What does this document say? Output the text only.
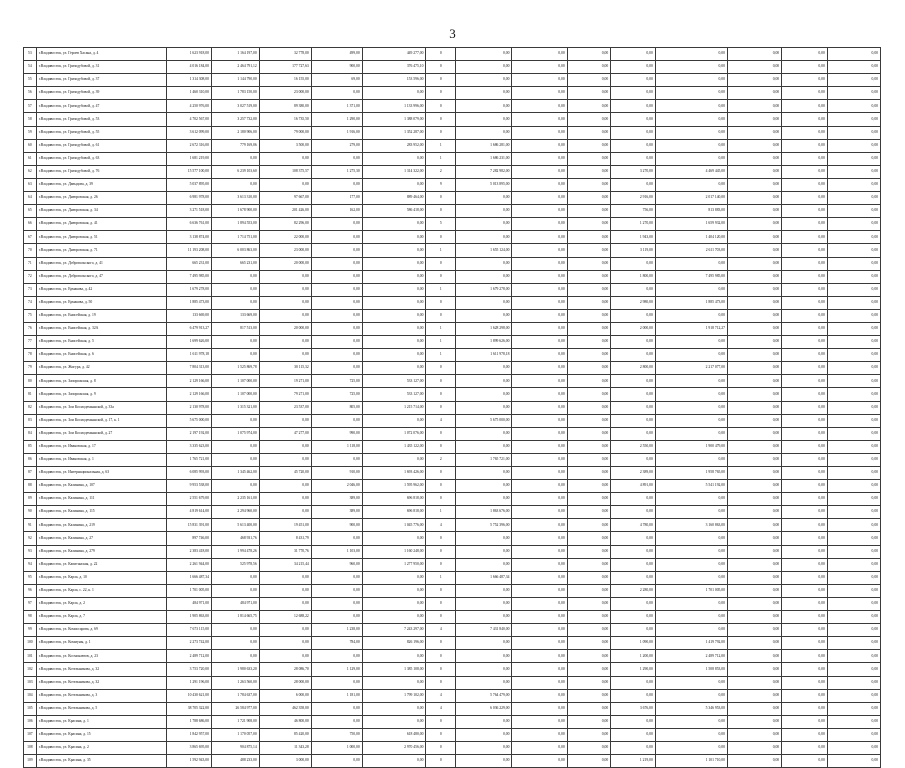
3
53	г.Владивосток, ул. Героев Хасана, д. 4	1 623 918,00	1 164 197,00	32 778,00	499,00	449 277,00	0	0,00	0,00	0,00	0,00	0,00	0,00	0,00	0,00
54	г.Владивосток, ул. Гризодубовой, д. 31	4 016 184,00	2 464 791,12	177 727,63	900,00	376 475,10	0	0,00	0,00	0,00	0,00	0,00	0,00	0,00	0,00
55	г.Владивосток, ул. Гризодубовой, д. 37	1 314 308,00	1 144 790,00	16 155,00	69,00	153 596,00	0	0,00	0,00	0,00	0,00	0,00	0,00	0,00	0,00
56	г.Владивосток, ул. Гризодубовой, д. 39	1 460 310,00	1 783 150,00	23 000,00	0,00	0,00	0	0,00	0,00	0,00	0,00	0,00	0,00	0,00	0,00
57	г.Владивосток, ул. Гризодубовой, д. 47	4 250 976,00	3 027 519,00	89 380,00	1 371,00	1 133 996,00	0	0,00	0,00	0,00	0,00	0,00	0,00	0,00	0,00
58	г.Владивосток, ул. Гризодубовой, д. 53	4 702 567,00	3 257 732,00	16 735,50	1 290,00	1 388 079,00	0	0,00	0,00	0,00	0,00	0,00	0,00	0,00	0,00
59	г.Владивосток, ул. Гризодубовой, д. 55	3 612 099,00	2 180 906,00	79 000,00	1 916,00	1 352 287,00	0	0,00	0,00	0,00	0,00	0,00	0,00	0,00	0,00
60	г.Владивосток, ул. Гризодубовой, д. 61	2 672 316,00	779 169,06	3 500,00	279,00	283 952,00	1	1 686 281,00	0,00	0,00	0,00	0,00	0,00	0,00	0,00
61	г.Владивосток, ул. Гризодубовой, д. 63	1 681 219,00	0,00	0,00	0,00	0,00	1	1 686 231,00	0,00	0,00	0,00	0,00	0,00	0,00	0,00
62	г.Владивосток, ул. Гризодубовой, д. 76	15 577 100,00	6 239 103,60	108 375,57	1 275,30	1 314 322,00	2	7 282 982,00	0,00	0,00	3 270,00	4 469 445,00	0,00	0,00	0,00
63	г.Владивосток, ул. Давыдова, д. 39	5 037 895,00	0,00	0,00	0,00	0,00	9	5 013 895,00	0,00	0,00	0,00	0,00	0,00	0,00	0,00
64	г.Владивосток, ул. Днепровская, д. 26	6 981 978,00	3 613 310,00	97 667,00	177,00	889 464,00	0	0,00	0,00	0,00	2 916,00	2 017 140,00	0,00	0,00	0,00
65	г.Владивосток, ул. Днепровская, д. 34	3 271 518,00	1 678 900,00	201 426,00	162,00	586 418,00	0	0,00	0,00	0,00	756,00	813 883,00	0,00	0,00	0,00
66	г.Владивосток, ул. Днепровская, д. 41	6 636 761,00	1 894 553,00	82 296,00	0,00	0,00	5	0,00	0,00	0,00	1 270,00	1 659 932,00	0,00	0,00	0,00
67	г.Владивосток, ул. Днепровская, д. 51	3 138 874,00	1 714 751,00	22 000,00	0,00	0,00	0	0,00	0,00	0,00	1 943,00	1 404 120,00	0,00	0,00	0,00
70	г.Владивосток, ул. Днепровская, д. 71	11 193 208,00	6 003 863,00	23 000,00	0,00	0,00	1	1 655 124,00	0,00	0,00	3 119,00	2 611 703,00	0,00	0,00	0,00
71	г.Владивосток, ул. Добровольского, д. 41	665 231,00	665 231,00	20 000,00	0,00	0,00	0	0,00	0,00	0,00	0,00	0,00	0,00	0,00	0,00
72	г.Владивосток, ул. Добровольского, д. 47	7 495 985,00	0,00	0,00	0,00	0,00	0	0,00	0,00	0,00	1 800,00	7 495 985,00	0,00	0,00	0,00
73	г.Владивосток, ул. Ермакова, д. 42	1 679 278,00	0,00	0,00	0,00	0,00	1	1 679 278,00	0,00	0,00	0,00	0,00	0,00	0,00	0,00
74	г.Владивосток, ул. Ермакова, д. 50	1 885 473,00	0,00	0,00	0,00	0,00	0	0,00	0,00	0,00	2 980,00	1 885 473,00	0,00	0,00	0,00
75	г.Владивосток, ул. Енисейская, д. 19	133 669,00	133 669,00	0,00	0,00	0,00	0	0,00	0,00	0,00	0,00	0,00	0,00	0,00	0,00
76	г.Владивосток, ул. Енисейская, д. 32А	6 479 913,27	817 513,00	20 000,00	0,00	0,00	1	1 628 298,00	0,00	0,00	2 000,00	1 918 712,27	0,00	0,00	0,00
77	г.Владивосток, ул. Енисейская, д. 5	1 699 626,00	0,00	0,00	0,00	0,00	1	1 899 626,00	0,00	0,00	0,00	0,00	0,00	0,00	0,00
78	г.Владивосток, ул. Енисейская, д. 6	1 611 978,18	0,00	0,00	0,00	0,00	1	1 611 978,18	0,00	0,00	0,00	0,00	0,00	0,00	0,00
79	г.Владивосток, ул. Жигура, д. 42	7 804 313,00	1 525 869,78	30 115,32	0,00	0,00	0	0,00	0,00	0,00	2 800,00	2 217 077,00	0,00	0,00	0,00
80	г.Владивосток, ул. Запорожская, д. 8	2 129 166,00	1 107 000,00	19 271,00	725,00	533 127,00	0	0,00	0,00	0,00	0,00	0,00	0,00	0,00	0,00
81	г.Владивосток, ул. Запорожская, д. 9	2 129 166,00	1 107 000,00	79 271,00	725,00	533 127,00	0	0,00	0,00	0,00	0,00	0,00	0,00	0,00	0,00
82	г.Владивосток, ул. Зои Космодемьянской, д. 33а	2 130 978,00	1 315 321,00	23 537,00	805,00	1 215 714,00	0	0,00	0,00	0,00	0,00	0,00	0,00	0,00	0,00
83	г.Владивосток, ул. Зои Космодемьянской, д. 17, к. 1	5 675 000,00	0,00	0,00	0,00	0,00	4	5 675 000,00	0,00	0,00	0,00	0,00	0,00	0,00	0,00
84	г.Владивосток, ул. Зои Космодемьянской, д. 27	2 197 192,00	1 075 974,00	47 277,00	990,00	1 072 076,00	0	0,00	0,00	0,00	0,00	0,00	0,00	0,00	0,00
85	г.Владивосток, ул. Ивановская, д. 17	3 335 623,00	0,00	0,00	1 118,00	1 435 122,00	0	0,00	0,00	0,00	2 550,00	1 900 479,00	0,00	0,00	0,00
86	г.Владивосток, ул. Ивановская, д. 1	1 765 721,00	0,00	0,00	0,00	0,00	2	1 765 721,00	0,00	0,00	0,00	0,00	0,00	0,00	0,00
87	г.Владивосток, ул. Интернациональная, д. 63	6 085 993,00	1 345 462,00	45 720,00	910,00	1 693 426,00	0	0,00	0,00	0,00	2 389,00	1 958 765,00	0,00	0,00	0,00
88	г.Владивосток, ул. Калинина, д. 107	9 953 538,00	0,00	0,00	2 046,00	1 595 962,00	0	0,00	0,00	0,00	4 891,00	5 541 192,00	0,00	0,00	0,00
89	г.Владивосток, ул. Калинина, д. 111	2 551 679,00	2 235 161,00	0,00	389,00	696 818,00	0	0,00	0,00	0,00	0,00	0,00	0,00	0,00	0,00
90	г.Владивосток, ул. Калинина, д. 115	4 819 614,00	2 294 960,00	0,00	389,00	696 818,00	1	1 863 676,00	0,00	0,00	0,00	0,00	0,00	0,00	0,00
91	г.Владивосток, ул. Калинина, д. 219	15 831 391,00	5 613 400,00	19 451,00	900,00	1 045 776,00	4	5 752 396,00	0,00	0,00	4 780,00	3 160 863,00	0,00	0,00	0,00
92	г.Владивосток, ул. Калинина, д. 27	897 746,00	468 931,76	8 431,79	0,00	0,00	0	0,00	0,00	0,00	0,00	0,00	0,00	0,00	0,00
93	г.Владивосток, ул. Калинина, д. 279	2 383 418,00	1 994 478,26	31 770,76	1 103,00	1 160 248,00	0	0,00	0,00	0,00	0,00	0,00	0,00	0,00	0,00
94	г.Владивосток, ул. Капитанская, д. 22	2 261 944,00	525 978,56	34 215,44	960,00	1 277 950,00	0	0,00	0,00	0,00	0,00	0,00	0,00	0,00	0,00
95	г.Владивосток, ул. Карла, д. 10	1 666 487,34	0,00	0,00	0,00	0,00	1	1 666 487,34	0,00	0,00	0,00	0,00	0,00	0,00	0,00
96	г.Владивосток, ул. Карла, с. 22, к. 1	1 701 005,00	0,00	0,00	0,00	0,00	0	0,00	0,00	0,00	2 280,00	1 701 005,00	0,00	0,00	0,00
97	г.Владивосток, ул. Карла, д. 2	484 971,00	484 971,00	0,00	0,00	0,00	0	0,00	0,00	0,00	0,00	0,00	0,00	0,00	0,00
98	г.Владивосток, ул. Карла, д. 7	1 905 863,00	1 814 665,75	12 688,22	0,00	0,00	0	0,00	0,00	0,00	0,00	0,00	0,00	0,00	0,00
99	г.Владивосток, ул. Комиссарова, д. 69	7 673 115,00	0,00	0,00	1 238,00	7 243 297,00	4	7 431 840,00	0,00	0,00	0,00	0,00	0,00	0,00	0,00
100	г.Владивосток, ул. Коммуны, д. 1	2 273 742,00	0,00	0,00	784,00	826 196,00	0	0,00	0,00	0,00	1 090,00	1 419 792,00	0,00	0,00	0,00
101	г.Владивосток, ул. Космонавтов, д. 23	2 489 712,00	0,00	0,00	0,00	0,00	0	0,00	0,00	0,00	1 200,00	2 489 712,00	0,00	0,00	0,00
102	г.Владивосток, ул. Котельникова, д. 32	3 753 720,00	1 980 633,20	28 086,70	1 129,00	1 385 108,00	0	0,00	0,00	0,00	1 290,00	1 508 853,00	0,00	0,00	0,00
103	г.Владивосток, ул. Котельникова, д. 32	1 291 196,00	1 263 560,00	28 000,00	0,00	0,00	0	0,00	0,00	0,00	0,00	0,00	0,00	0,00	0,00
104	г.Владивосток, ул. Котельникова, д. 3	10 430 621,00	1 784 637,00	6 000,00	1 181,00	1 799 102,00	4	5 764 479,00	0,00	0,00	0,00	0,00	0,00	0,00	0,00
105	г.Владивосток, ул. Котельникова, д. 5	38 705 322,00	26 584 977,00	462 358,00	0,00	0,00	4	6 036 229,00	0,00	0,00	3 676,00	5 346 953,00	0,00	0,00	0,00
106	г.Владивосток, ул. Красина, д. 1	1 788 686,00	1 721 908,00	46 800,00	0,00	0,00	0	0,00	0,00	0,00	0,00	0,00	0,00	0,00	0,00
107	г.Владивосток, ул. Красина, д. 15	1 842 957,00	1 170 057,00	85 420,00	750,00	618 480,00	0	0,00	0,00	0,00	0,00	0,00	0,00	0,00	0,00
108	г.Владивосток, ул. Красина, д. 2	3 865 695,00	904 875,14	11 343,28	1 000,00	2 970 456,00	0	0,00	0,00	0,00	0,00	0,00	0,00	0,00	0,00
109	г.Владивосток, ул. Красина, д. 35	1 592 943,00	488 233,00	3 000,00	0,00	0,00	0	0,00	0,00	0,00	1 219,00	1 101 710,00	0,00	0,00	0,00
